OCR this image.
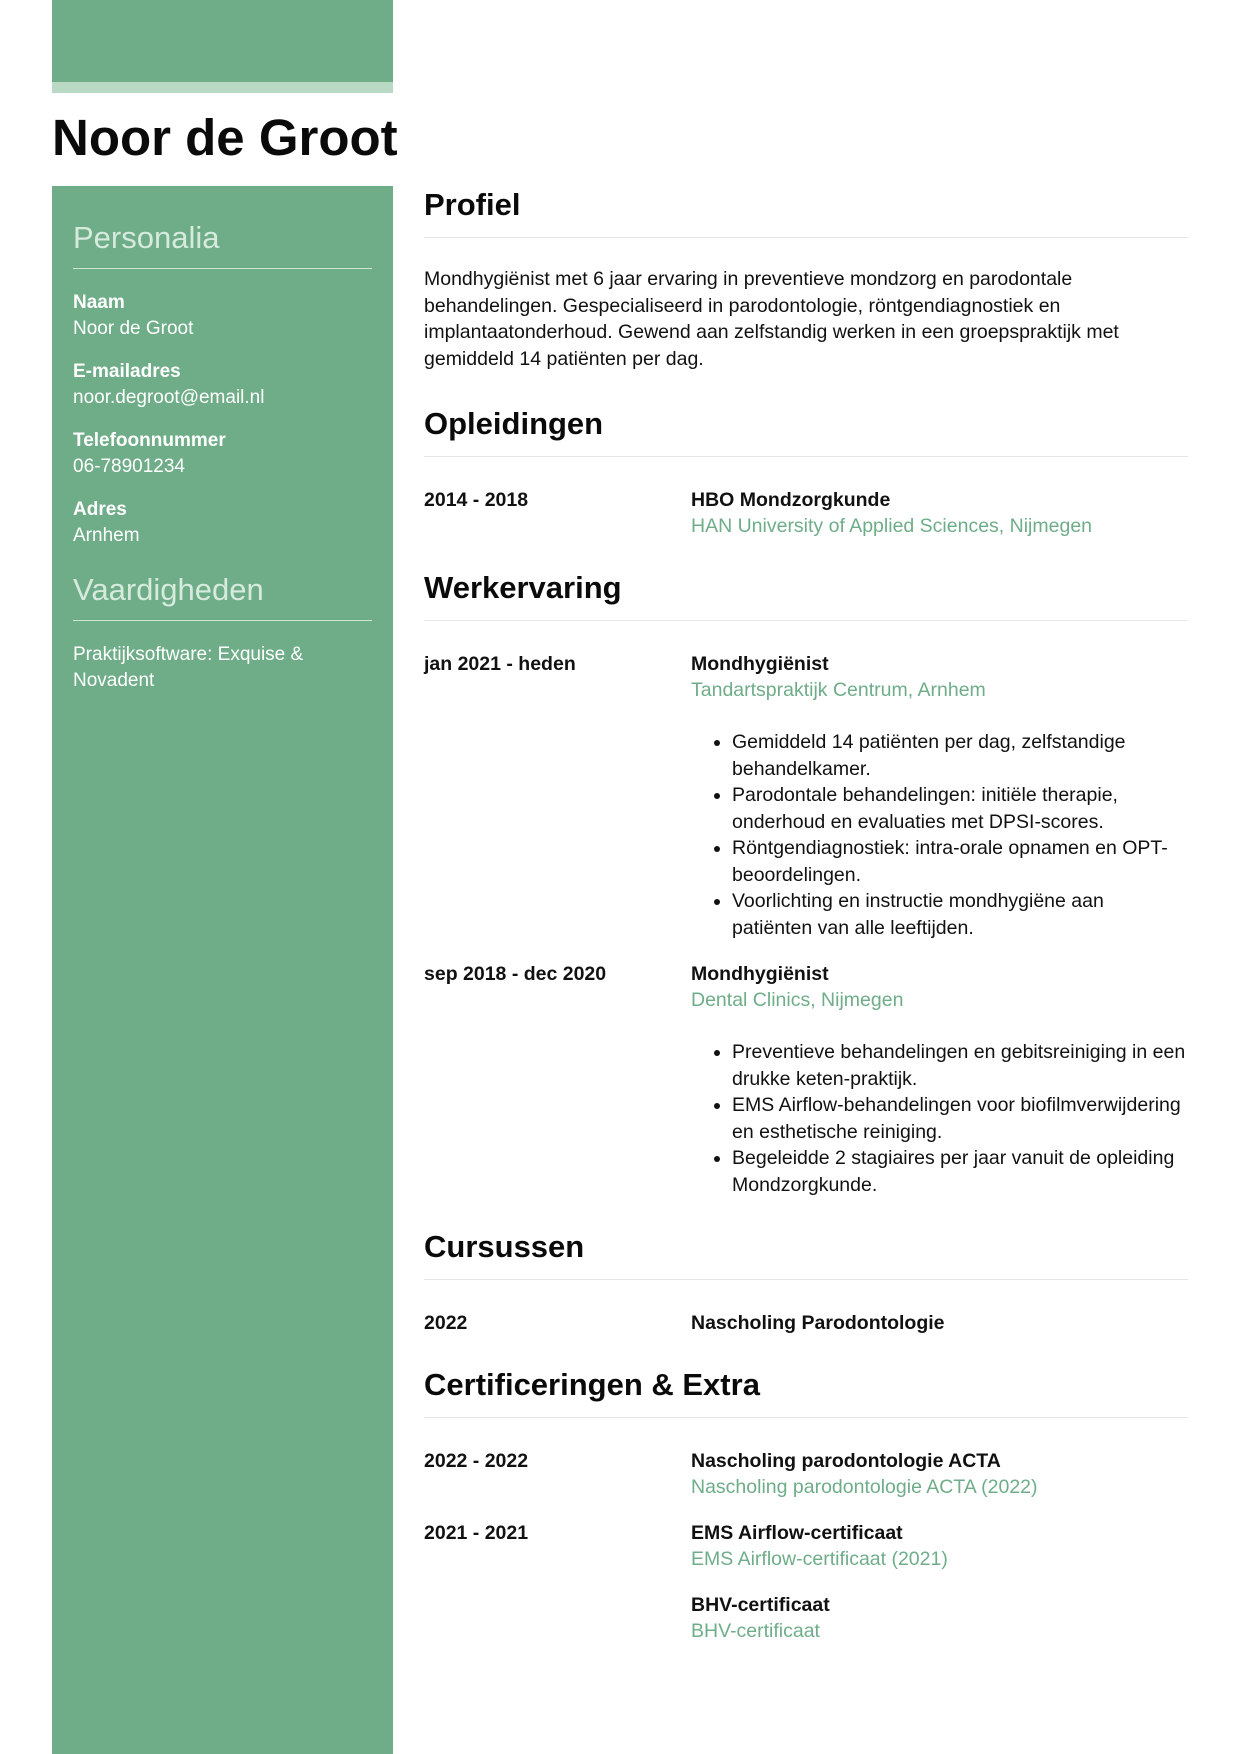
Noor de Groot
Personalia
Naam
Noor de Groot
E-mailadres
noor.degroot@email.nl
Telefoonnummer
06-78901234
Adres
Arnhem
Vaardigheden
Praktijksoftware: Exquise & Novadent
Profiel

Mondhygiënist met 6 jaar ervaring in preventieve mondzorg en parodontale behandelingen. Gespecialiseerd in parodontologie, röntgendiagnostiek en implantaatonderhoud. Gewend aan zelfstandig werken in een groepspraktijk met gemiddeld 14 patiënten per dag.

Opleidingen
2014 - 2018	HBO Mondzorgkunde
HAN University of Applied Sciences, Nijmegen
Werkervaring
jan 2021 - heden	Mondhygiënist
Tandartspraktijk Centrum, Arnhem
• Gemiddeld 14 patiënten per dag, zelfstandige behandelkamer.
• Parodontale behandelingen: initiële therapie, onderhoud en evaluaties met DPSI-scores.
• Röntgendiagnostiek: intra-orale opnamen en OPT-beoordelingen.
• Voorlichting en instructie mondhygiëne aan patiënten van alle leeftijden.
sep 2018 - dec 2020	Mondhygiënist
Dental Clinics, Nijmegen
• Preventieve behandelingen en gebitsreiniging in een drukke keten-praktijk.
• EMS Airflow-behandelingen voor biofilmverwijdering en esthetische reiniging.
• Begeleidde 2 stagiaires per jaar vanuit de opleiding Mondzorgkunde.
Cursussen
2022	Nascholing Parodontologie
Certificeringen & Extra
2022 - 2022	Nascholing parodontologie ACTA
Nascholing parodontologie ACTA (2022)
2021 - 2021	EMS Airflow-certificaat
EMS Airflow-certificaat (2021)
BHV-certificaat
BHV-certificaat
